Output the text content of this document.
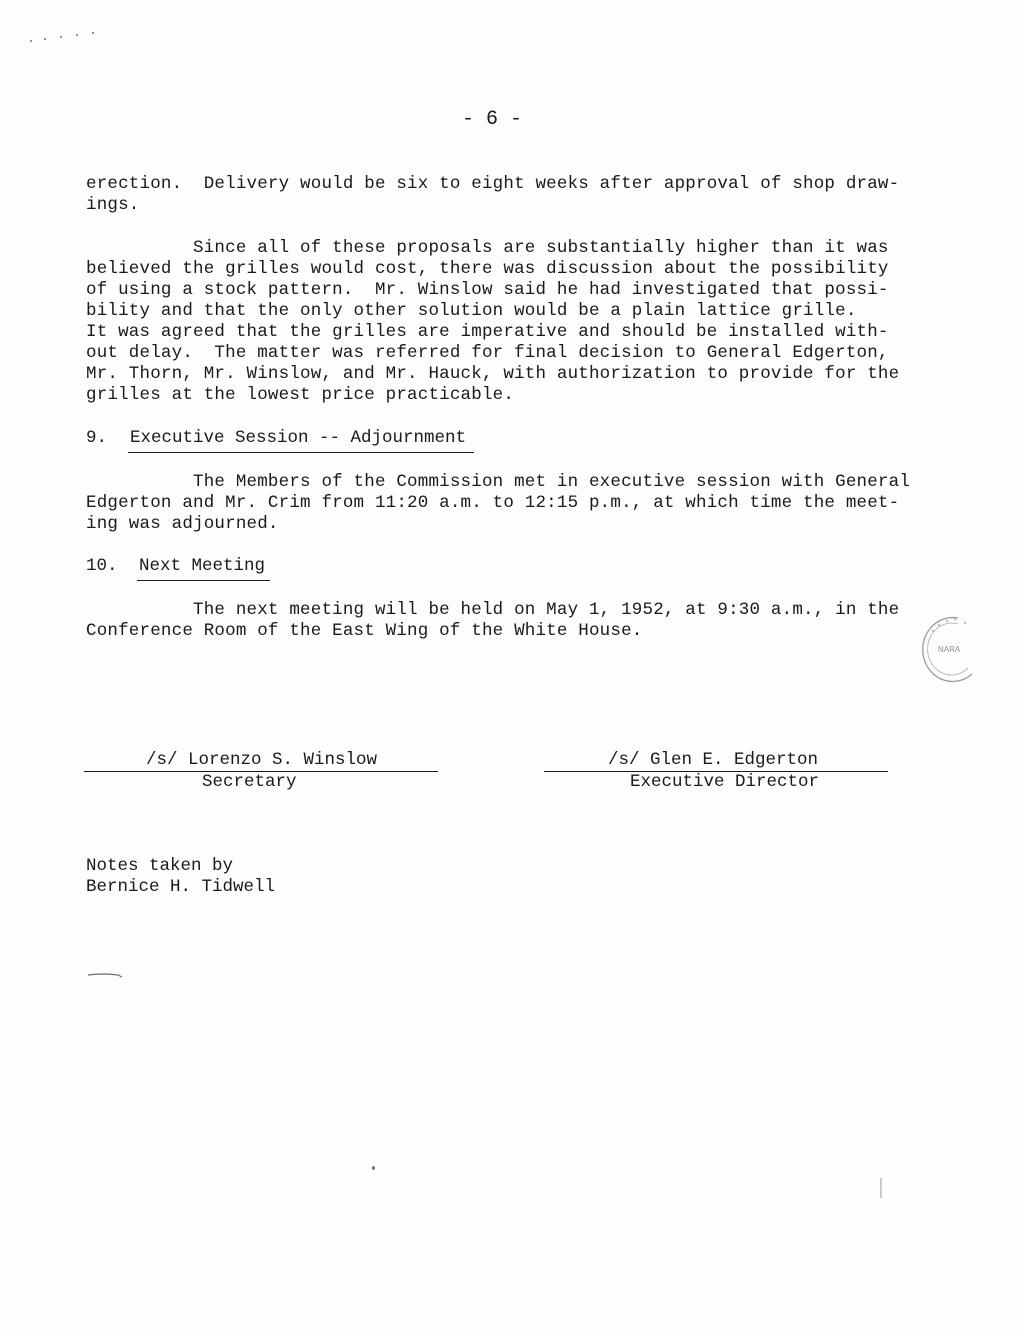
- 6 -
erection.  Delivery would be six to eight weeks after approval of shop draw-
ings.
Since all of these proposals are substantially higher than it was
believed the grilles would cost, there was discussion about the possibility
of using a stock pattern.  Mr. Winslow said he had investigated that possi-
bility and that the only other solution would be a plain lattice grille.
It was agreed that the grilles are imperative and should be installed with-
out delay.  The matter was referred for final decision to General Edgerton,
Mr. Thorn, Mr. Winslow, and Mr. Hauck, with authorization to provide for the
grilles at the lowest price practicable.
9. Executive Session -- Adjournment
The Members of the Commission met in executive session with General
Edgerton and Mr. Crim from 11:20 a.m. to 12:15 p.m., at which time the meet-
ing was adjourned.
10. Next Meeting
The next meeting will be held on May 1, 1952, at 9:30 a.m., in the
Conference Room of the East Wing of the White House.
NARA
/s/ Lorenzo S. Winslow
Secretary
/s/ Glen E. Edgerton
Executive Director
Notes taken by
Bernice H. Tidwell
